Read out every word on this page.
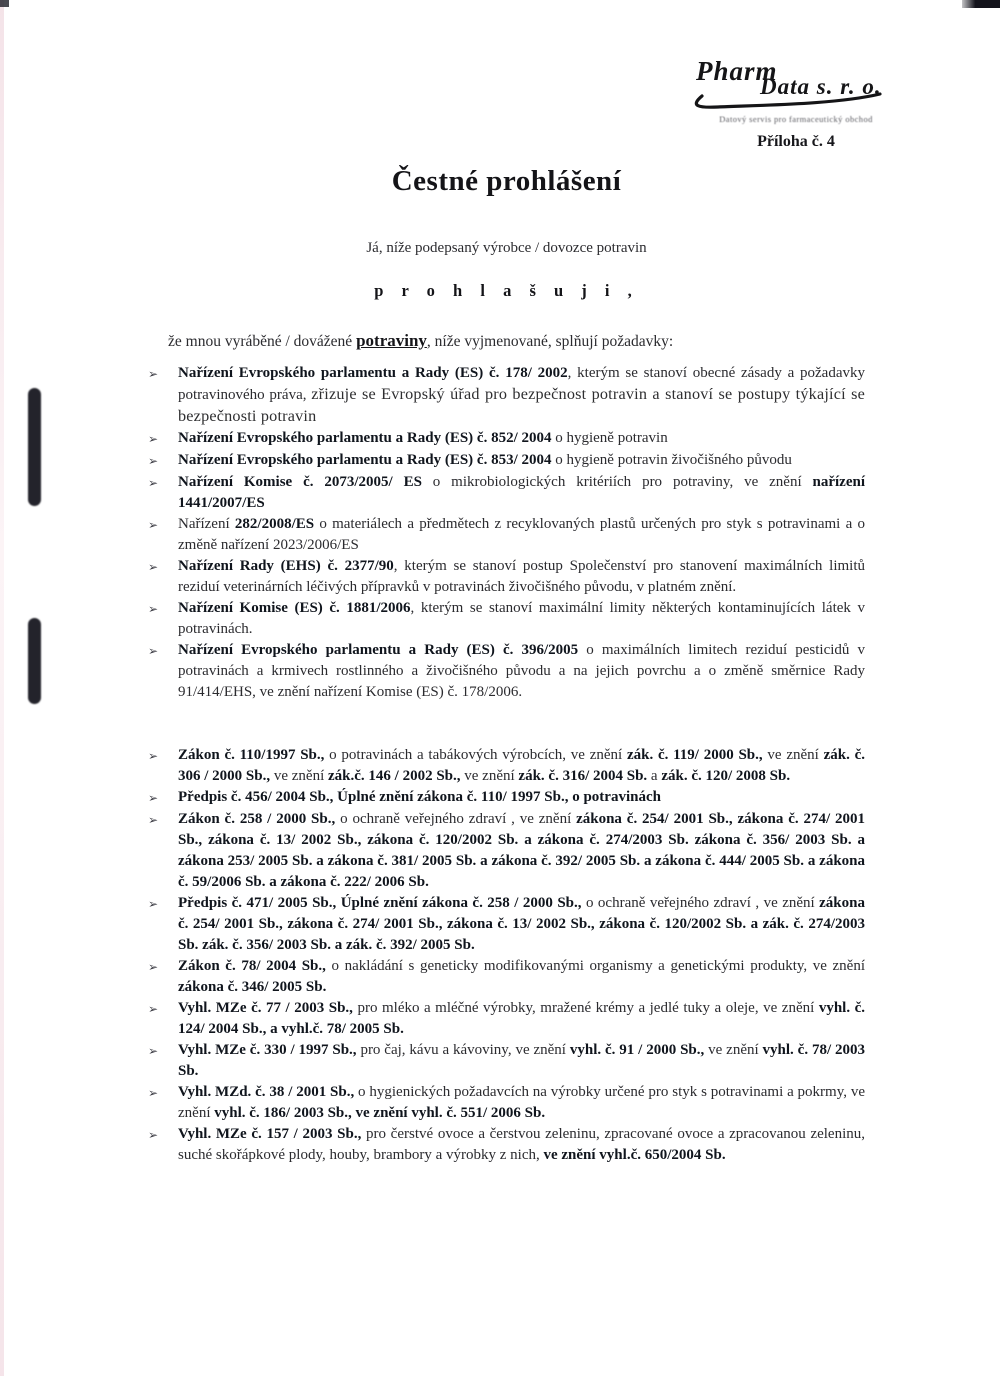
Pharm
Data s. r. o.
Datový servis pro farmaceutický obchod
Příloha č. 4
Čestné prohlášení
Já, níže podepsaný výrobce / dovozce potravin
p r o h l a š u j i ,
že mnou vyráběné / dovážené potraviny, níže vyjmenované, splňují požadavky:
➢	Nařízení Evropského parlamentu a Rady (ES) č. 178/ 2002, kterým se stanoví obecné zásady a požadavky potravinového práva, zřizuje se Evropský úřad pro bezpečnost potravin a stanoví se postupy týkající se bezpečnosti potravin
➢	Nařízení Evropského parlamentu a Rady (ES) č. 852/ 2004 o hygieně potravin
➢	Nařízení Evropského parlamentu a Rady (ES) č. 853/ 2004 o hygieně potravin živočišného původu
➢	Nařízení Komise č. 2073/2005/ ES o mikrobiologických kritériích pro potraviny, ve znění nařízení 1441/2007/ES
➢	Nařízení 282/2008/ES o materiálech a předmětech z recyklovaných plastů určených pro styk s potravinami a o změně nařízení 2023/2006/ES
➢	Nařízení Rady (EHS) č. 2377/90, kterým se stanoví postup Společenství pro stanovení maximálních limitů reziduí veterinárních léčivých přípravků v potravinách živočišného původu, v platném znění.
➢	Nařízení Komise (ES) č. 1881/2006, kterým se stanoví maximální limity některých kontaminujících látek v potravinách.
➢	Nařízení Evropského parlamentu a Rady (ES) č. 396/2005 o maximálních limitech reziduí pesticidů v potravinách a krmivech rostlinného a živočišného původu a na jejich povrchu a o změně směrnice Rady 91/414/EHS, ve znění nařízení Komise (ES) č. 178/2006.
➢	Zákon č. 110/1997 Sb., o potravinách a tabákových výrobcích, ve znění zák. č. 119/ 2000 Sb., ve znění zák. č. 306 / 2000 Sb., ve znění zák.č. 146 / 2002 Sb., ve znění zák. č. 316/ 2004 Sb. a zák. č. 120/ 2008 Sb.
➢	Předpis č. 456/ 2004 Sb., Úplné znění zákona č. 110/ 1997 Sb., o potravinách
➢	Zákon č. 258 / 2000 Sb., o ochraně veřejného zdraví , ve znění zákona č. 254/ 2001 Sb., zákona č. 274/ 2001 Sb., zákona č. 13/ 2002 Sb., zákona č. 120/2002 Sb. a zákona č. 274/2003 Sb. zákona č. 356/ 2003 Sb. a zákona 253/ 2005 Sb. a zákona č. 381/ 2005 Sb. a zákona č. 392/ 2005 Sb. a zákona č. 444/ 2005 Sb. a zákona č. 59/2006 Sb. a zákona č. 222/ 2006 Sb.
➢	Předpis č. 471/ 2005 Sb., Úplné znění zákona č. 258 / 2000 Sb., o ochraně veřejného zdraví , ve znění zákona č. 254/ 2001 Sb., zákona č. 274/ 2001 Sb., zákona č. 13/ 2002 Sb., zákona č. 120/2002 Sb. a zák. č. 274/2003 Sb. zák. č. 356/ 2003 Sb. a zák. č. 392/ 2005 Sb.
➢	Zákon č. 78/ 2004 Sb., o nakládání s geneticky modifikovanými organismy a genetickými produkty, ve znění zákona č. 346/ 2005 Sb.
➢	Vyhl. MZe č. 77 / 2003 Sb., pro mléko a mléčné výrobky, mražené krémy a jedlé tuky a oleje, ve znění vyhl. č. 124/ 2004 Sb., a vyhl.č. 78/ 2005 Sb.
➢	Vyhl. MZe č. 330 / 1997 Sb., pro čaj, kávu a kávoviny, ve znění vyhl. č. 91 / 2000 Sb., ve znění vyhl. č. 78/ 2003 Sb.
➢	Vyhl. MZd. č. 38 / 2001 Sb., o hygienických požadavcích na výrobky určené pro styk s potravinami a pokrmy, ve znění vyhl. č. 186/ 2003 Sb., ve znění vyhl. č. 551/ 2006 Sb.
➢	Vyhl. MZe č. 157 / 2003 Sb., pro čerstvé ovoce a čerstvou zeleninu, zpracované ovoce a zpracovanou zeleninu, suché skořápkové plody, houby, brambory a výrobky z nich, ve znění vyhl.č. 650/2004 Sb.
